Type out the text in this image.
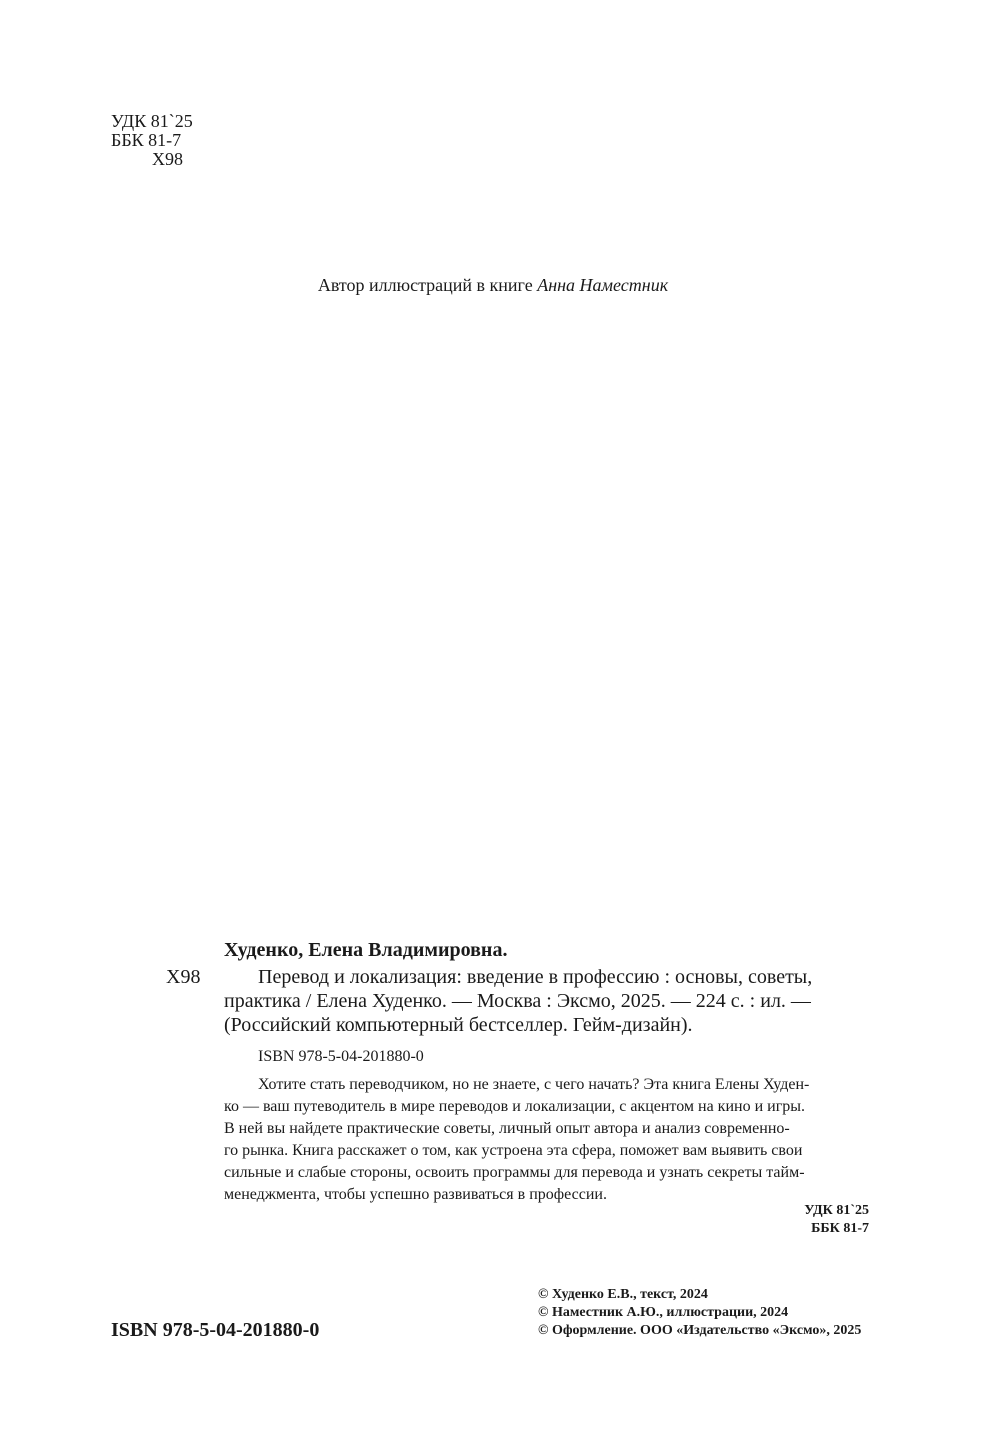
УДК 81`25
ББК 81-7
Х98
Автор иллюстраций в книге Анна Наместник
Худенко, Елена Владимировна.
Х98	Перевод и локализация: введение в профессию : основы, советы,
практика / Елена Худенко. — Москва : Эксмо, 2025. — 224 с. : ил. —
(Российский компьютерный бестселлер. Гейм-дизайн).
ISBN 978-5-04-201880-0
Хотите стать переводчиком, но не знаете, с чего начать? Эта книга Елены Худен-
ко — ваш путеводитель в мире переводов и локализации, с акцентом на кино и игры.
В ней вы найдете практические советы, личный опыт автора и анализ современно-
го рынка. Книга расскажет о том, как устроена эта сфера, поможет вам выявить свои
сильные и слабые стороны, освоить программы для перевода и узнать секреты тайм-
менеджмента, чтобы успешно развиваться в профессии.
УДК 81`25
ББК 81-7
ISBN 978-5-04-201880-0
© Худенко Е.В., текст, 2024
© Наместник А.Ю., иллюстрации, 2024
© Оформление. ООО «Издательство «Эксмо», 2025
